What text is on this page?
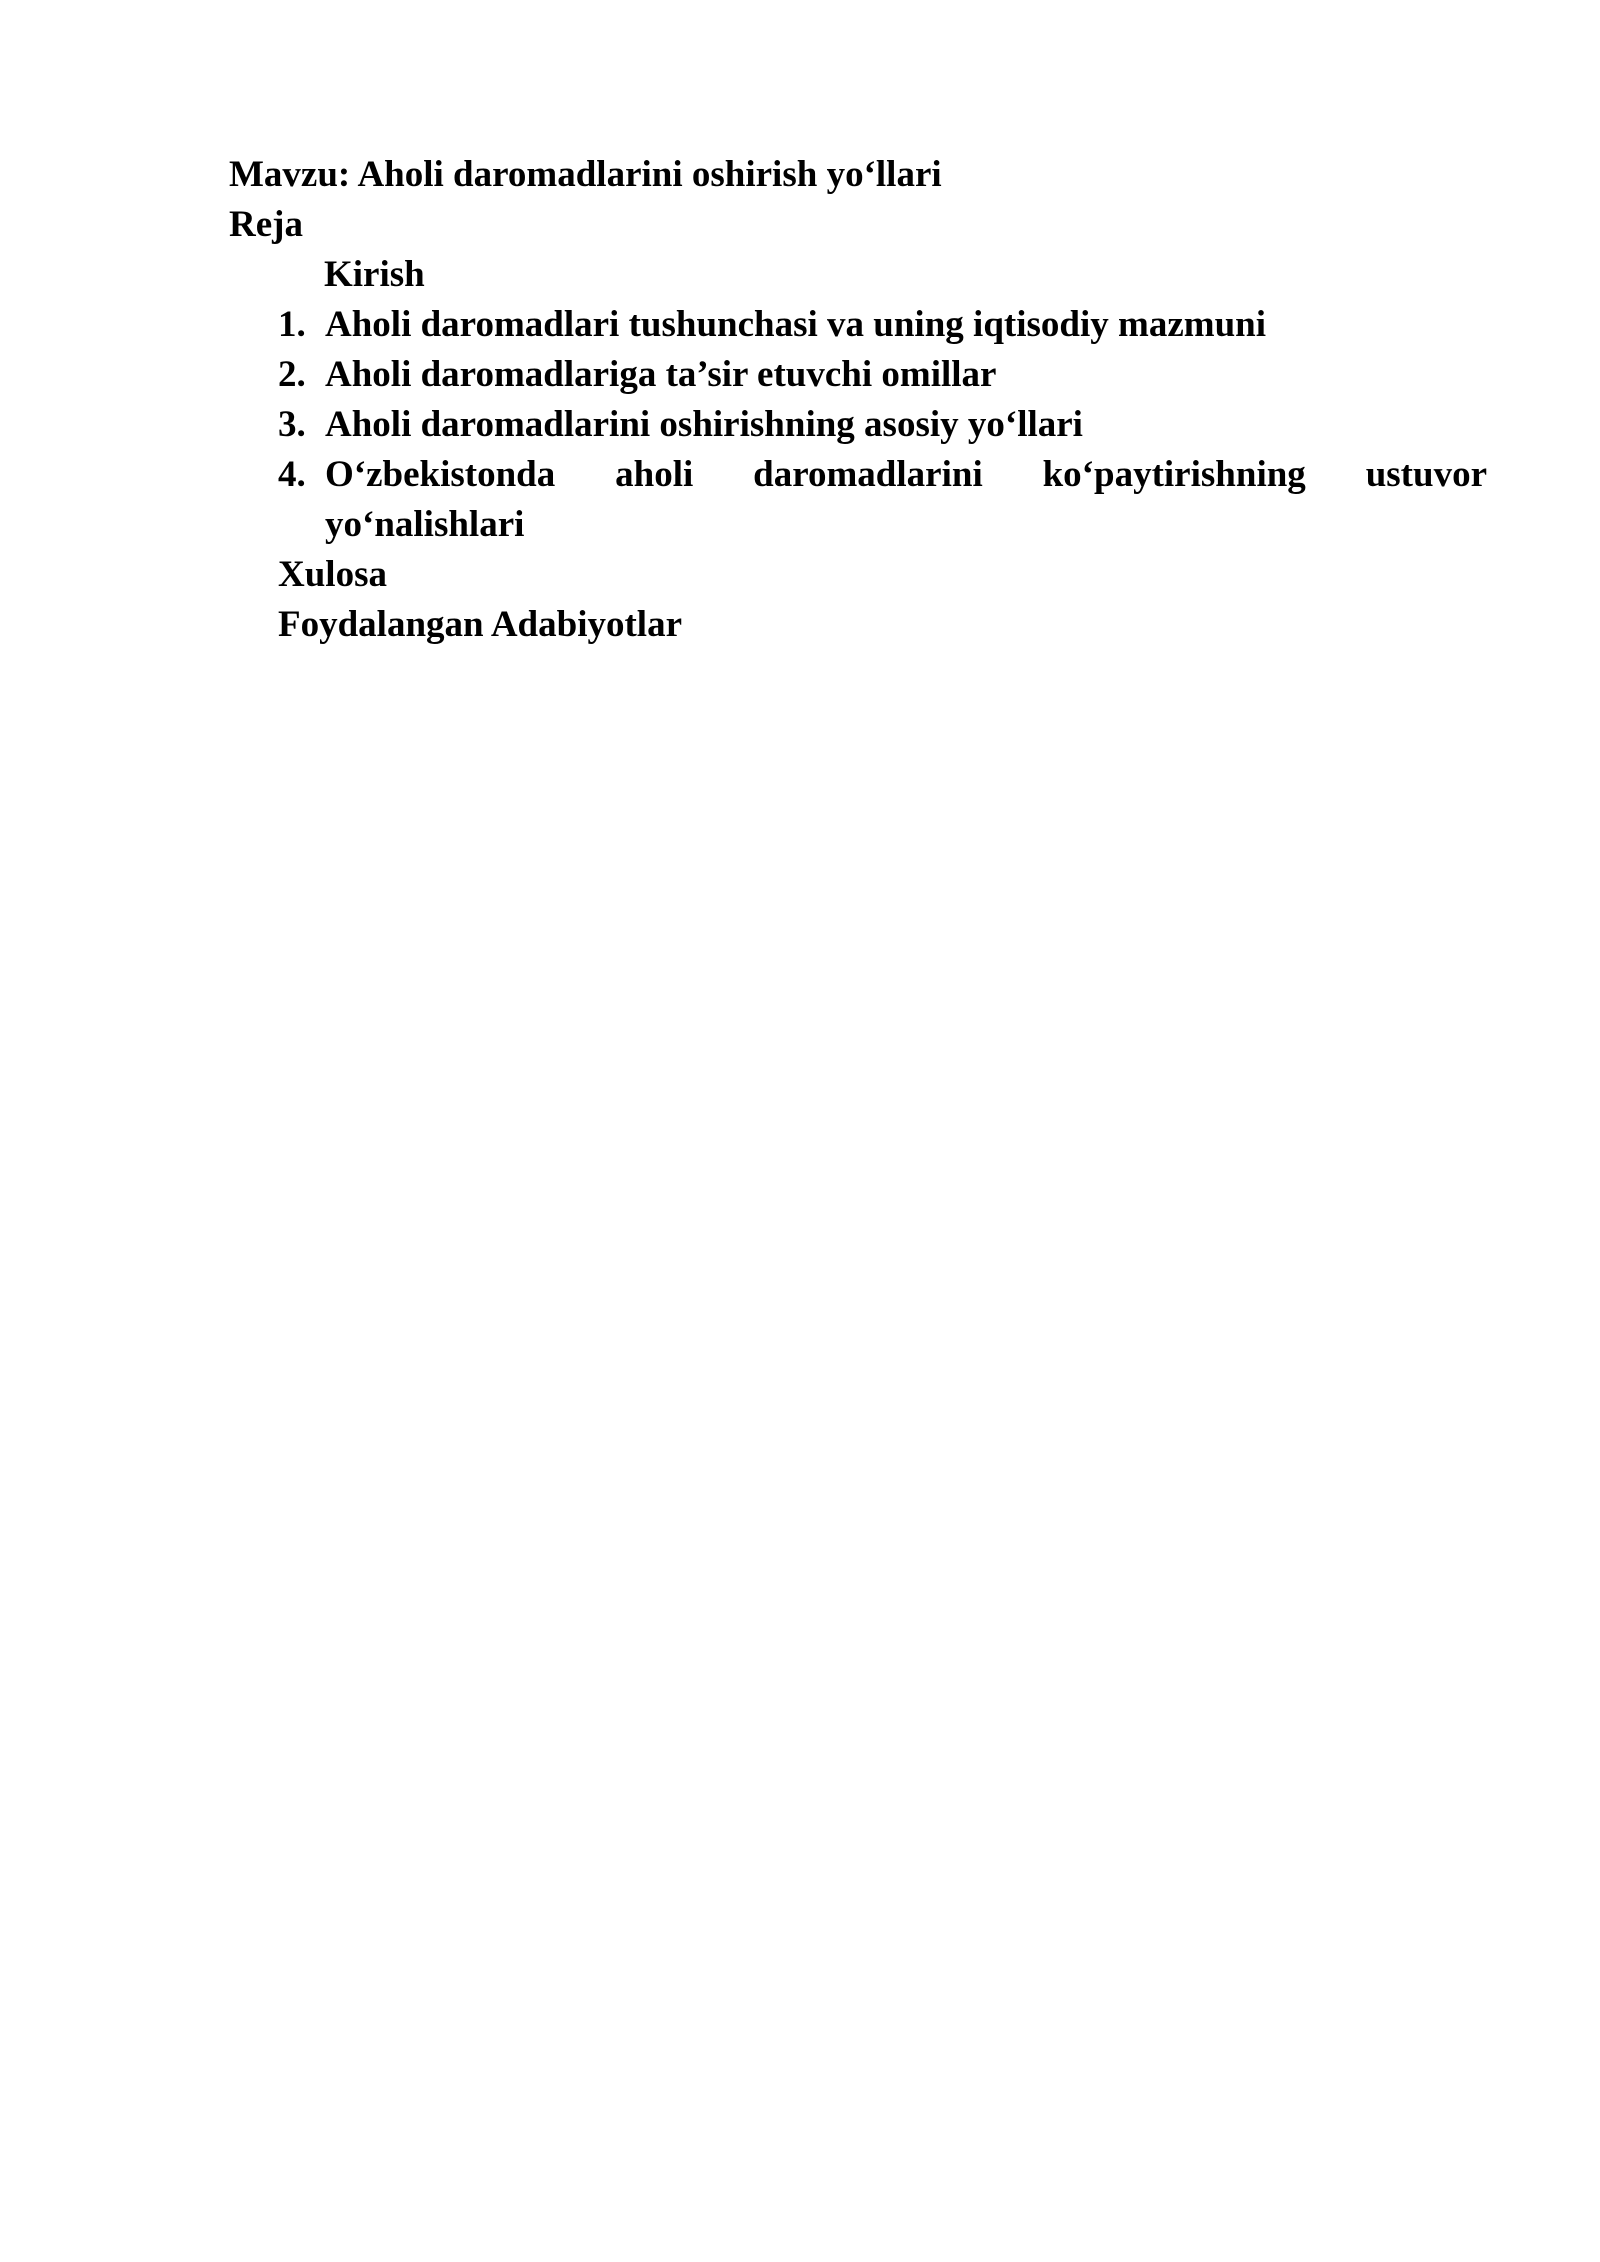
Mavzu: Aholi daromadlarini oshirish yo‘llari
Reja
Kirish
1. Aholi daromadlari tushunchasi va uning iqtisodiy mazmuni
2. Aholi daromadlariga ta’sir etuvchi omillar
3. Aholi daromadlarini oshirishning asosiy yo‘llari
4. O‘zbekistonda aholi daromadlarini ko‘paytirishning ustuvor
yo‘nalishlari
Xulosa
Foydalangan Adabiyotlar
